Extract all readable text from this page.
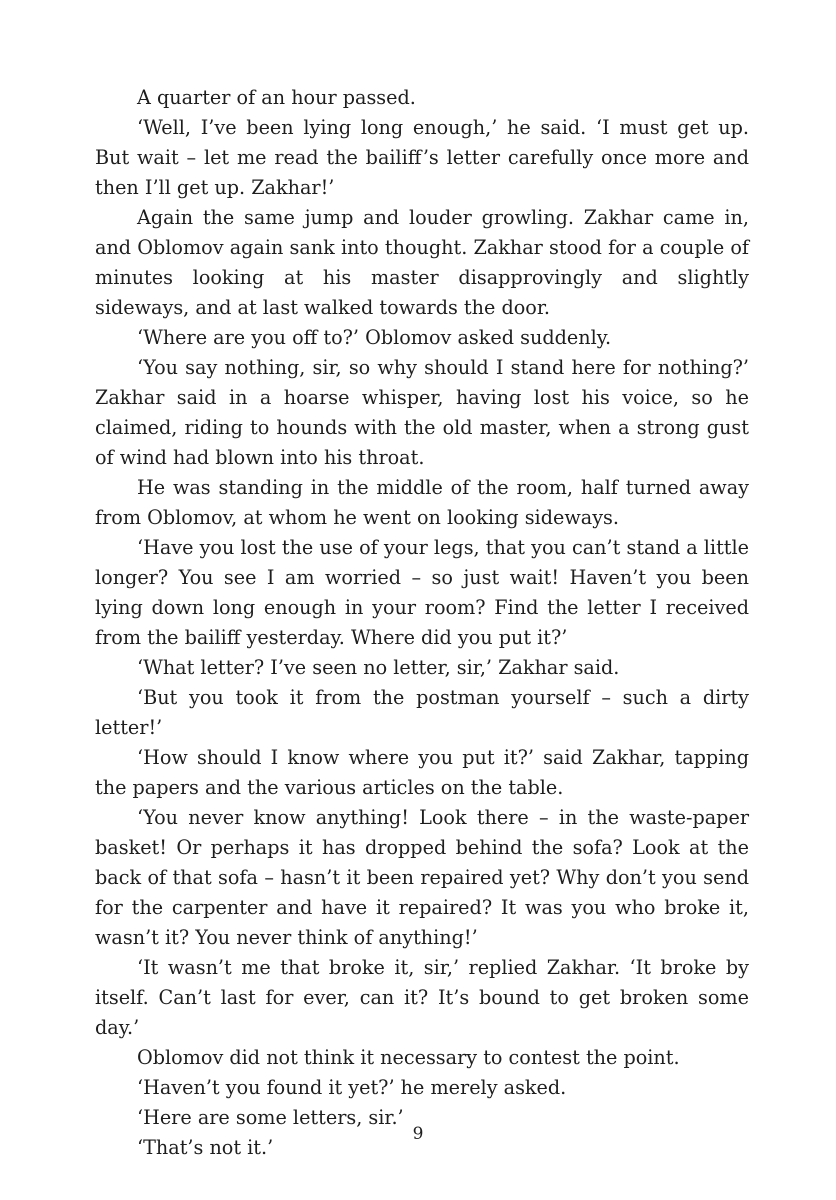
A quarter of an hour passed.

‘Well, I’ve been lying long enough,’ he said. ‘I must get up. But wait – let me read the bailiff’s letter carefully once more and then I’ll get up. Zakhar!’

Again the same jump and louder growling. Zakhar came in, and Oblomov again sank into thought. Zakhar stood for a couple of minutes looking at his master disapprovingly and slightly sideways, and at last walked towards the door.

‘Where are you off to?’ Oblomov asked suddenly.

‘You say nothing, sir, so why should I stand here for nothing?’ Zakhar said in a hoarse whisper, having lost his voice, so he claimed, riding to hounds with the old master, when a strong gust of wind had blown into his throat.

He was standing in the middle of the room, half turned away from Oblomov, at whom he went on looking sideways.

‘Have you lost the use of your legs, that you can’t stand a little longer? You see I am worried – so just wait! Haven’t you been lying down long enough in your room? Find the letter I received from the bailiff yesterday. Where did you put it?’

‘What letter? I’ve seen no letter, sir,’ Zakhar said.

‘But you took it from the postman yourself – such a dirty letter!’

‘How should I know where you put it?’ said Zakhar, tapping the papers and the various articles on the table.

‘You never know anything! Look there – in the waste-paper basket! Or perhaps it has dropped behind the sofa? Look at the back of that sofa – hasn’t it been repaired yet? Why don’t you send for the carpenter and have it repaired? It was you who broke it, wasn’t it? You never think of anything!’

‘It wasn’t me that broke it, sir,’ replied Zakhar. ‘It broke by itself. Can’t last for ever, can it? It’s bound to get broken some day.’

Oblomov did not think it necessary to contest the point.

‘Haven’t you found it yet?’ he merely asked.

‘Here are some letters, sir.’

‘That’s not it.’

9
